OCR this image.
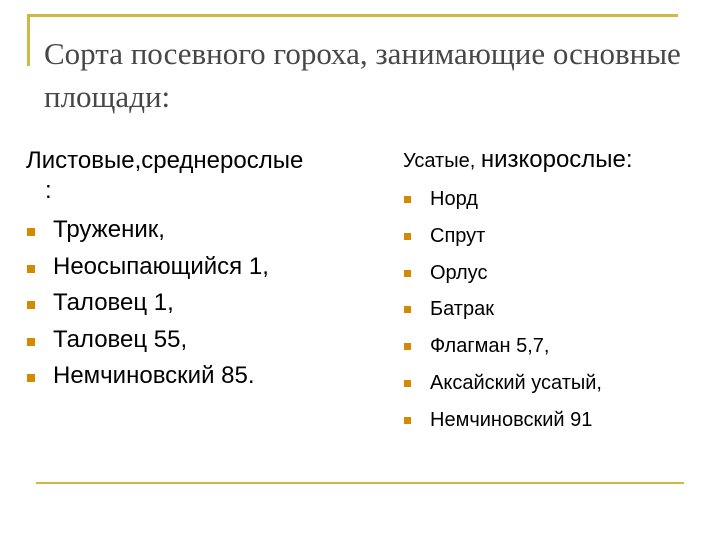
Сорта посевного гороха, занимающие основные площади:

Листовые,среднерослые

:

Труженик,
Неосыпающийся 1,
Таловец 1,
Таловец 55,
Немчиновский 85.

Усатые, низкорослые:

Норд
Спрут
Орлус
Батрак
Флагман 5,7,
Аксайский усатый,
Немчиновский 91
